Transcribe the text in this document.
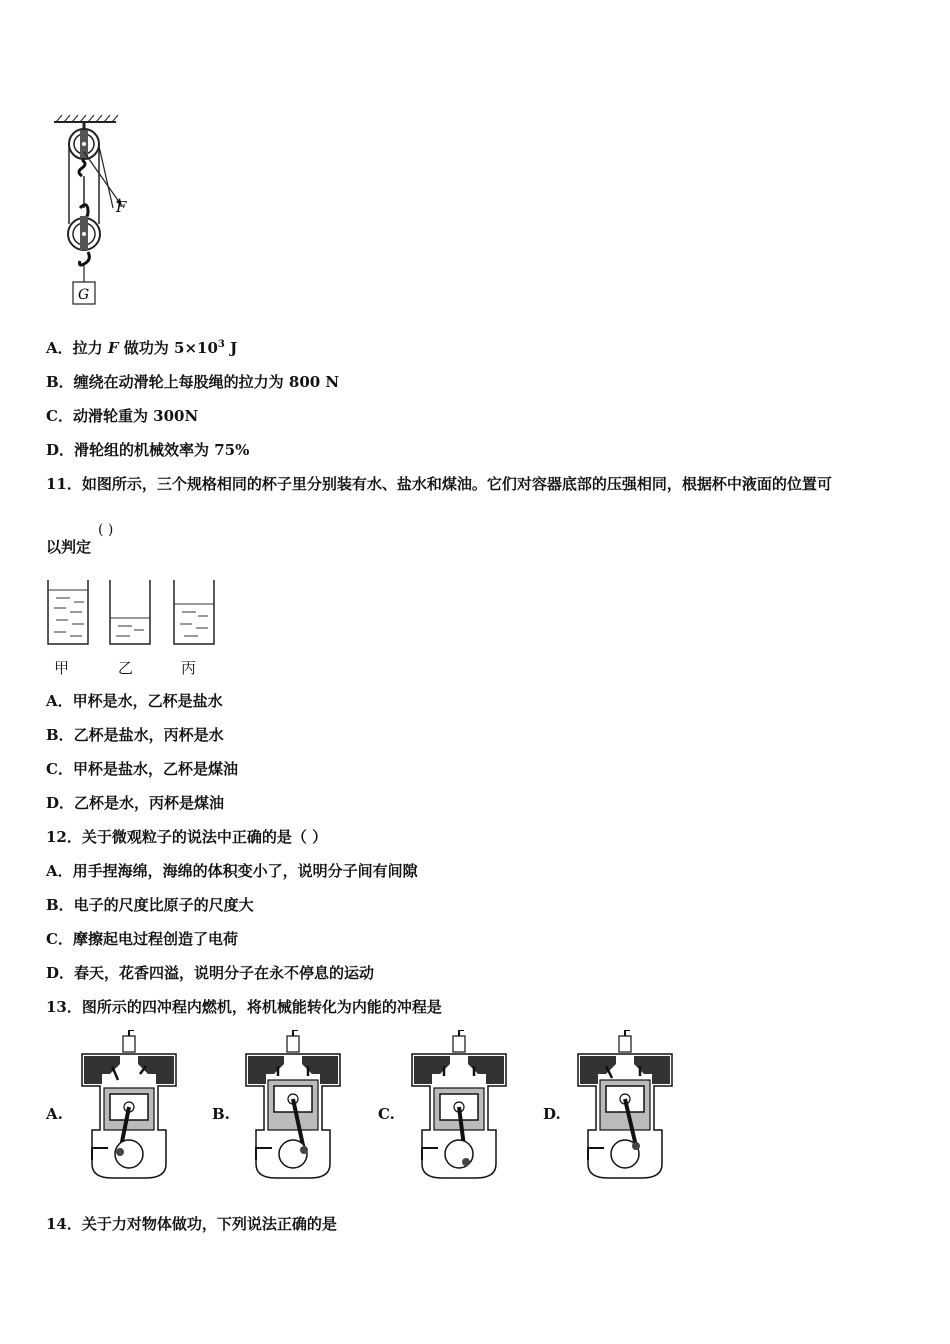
F
G
A．拉力 F 做功为 $5\times 10^3$ J
B．缠绕在动滑轮上每股绳的拉力为 800 N
C．动滑轮重为 300N
D．滑轮组的机械效率为 75%
11．如图所示，三个规格相同的杯子里分别装有水、盐水和煤油。它们对容器底部的压强相同，根据杯中液面的位置可
以判定
( )
甲	乙	丙
A．甲杯是水，乙杯是盐水
B．乙杯是盐水，丙杯是水
C．甲杯是盐水，乙杯是煤油
D．乙杯是水，丙杯是煤油
12．关于微观粒子的说法中正确的是（ ）
A．用手捏海绵，海绵的体积变小了，说明分子间有间隙
B．电子的尺度比原子的尺度大
C．摩擦起电过程创造了电荷
D．春天，花香四溢，说明分子在永不停息的运动
13．图所示的四冲程内燃机，将机械能转化为内能的冲程是
A.	B.	C.	D.
14．关于力对物体做功，下列说法正确的是
